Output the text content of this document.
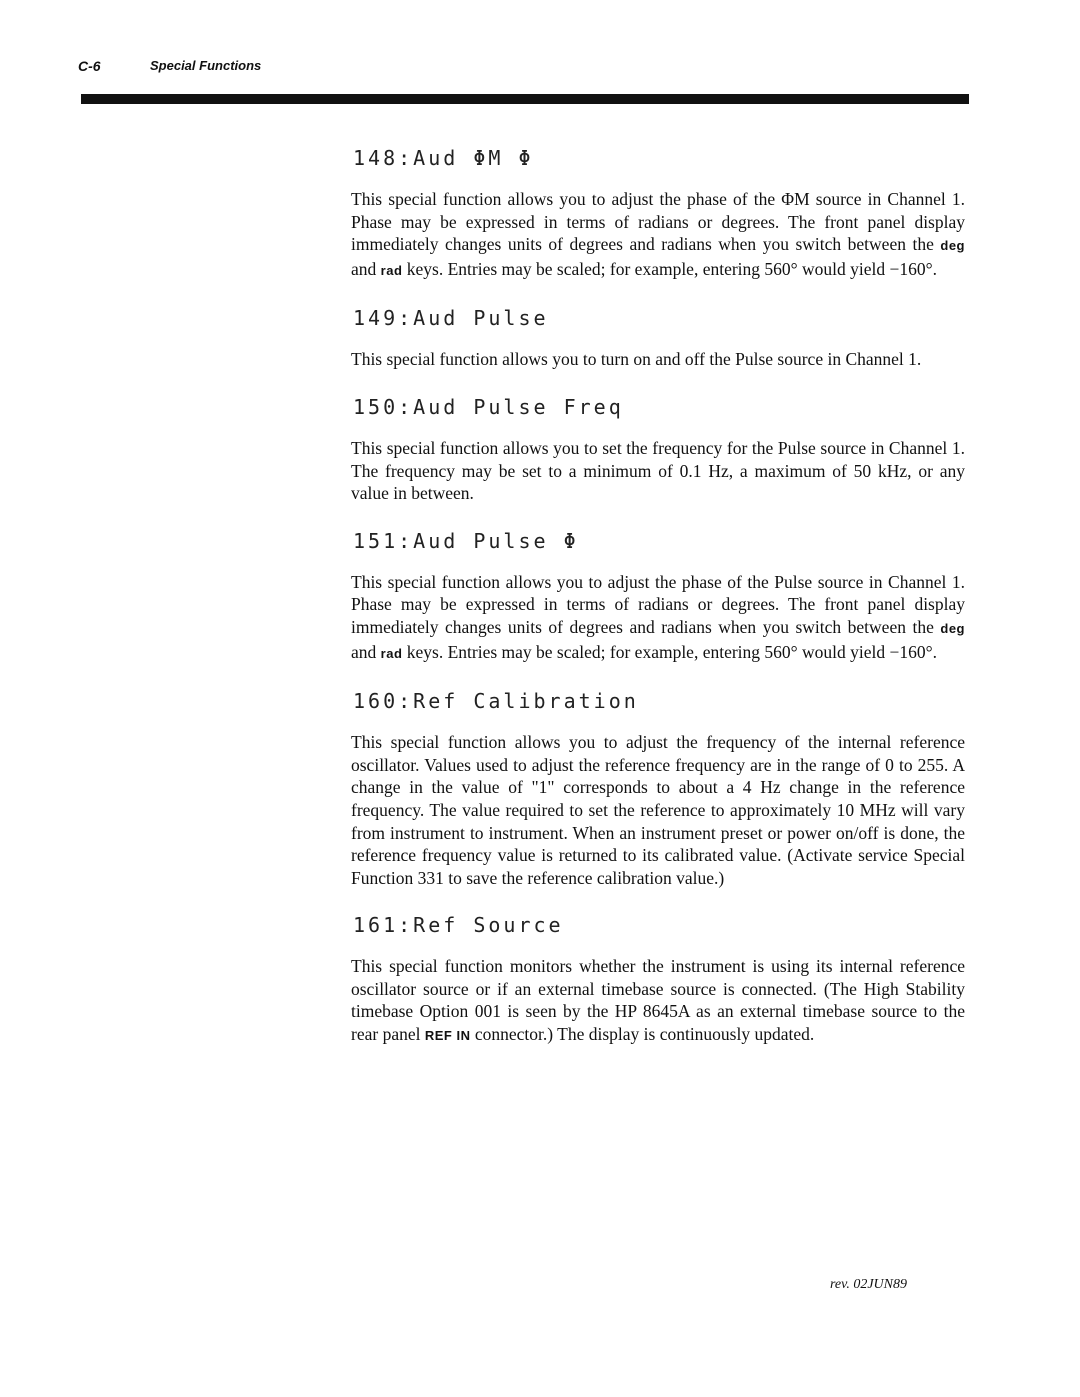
C-6	Special Functions
148:Aud ΦM Φ

This special function allows you to adjust the phase of the ΦM source in Channel 1. Phase may be expressed in terms of radians or degrees. The front panel display immediately changes units of degrees and radians when you switch between the deg and rad keys. Entries may be scaled; for example, entering 560° would yield −160°.

149:Aud Pulse

This special function allows you to turn on and off the Pulse source in Channel 1.

150:Aud Pulse Freq

This special function allows you to set the frequency for the Pulse source in Channel 1. The frequency may be set to a minimum of 0.1 Hz, a maximum of 50 kHz, or any value in between.

151:Aud Pulse Φ

This special function allows you to adjust the phase of the Pulse source in Channel 1. Phase may be expressed in terms of radians or degrees. The front panel display immediately changes units of degrees and radians when you switch between the deg and rad keys. Entries may be scaled; for example, entering 560° would yield −160°.

160:Ref Calibration

This special function allows you to adjust the frequency of the internal reference oscillator. Values used to adjust the reference frequency are in the range of 0 to 255. A change in the value of "1" corresponds to about a 4 Hz change in the reference frequency. The value required to set the reference to approximately 10 MHz will vary from instrument to instrument. When an instrument preset or power on/off is done, the reference frequency value is returned to its calibrated value. (Activate service Special Function 331 to save the reference calibration value.)

161:Ref Source

This special function monitors whether the instrument is using its internal reference oscillator source or if an external timebase source is connected. (The High Stability timebase Option 001 is seen by the HP 8645A as an external timebase source to the rear panel REF IN connector.) The display is continuously updated.

rev. 02JUN89
